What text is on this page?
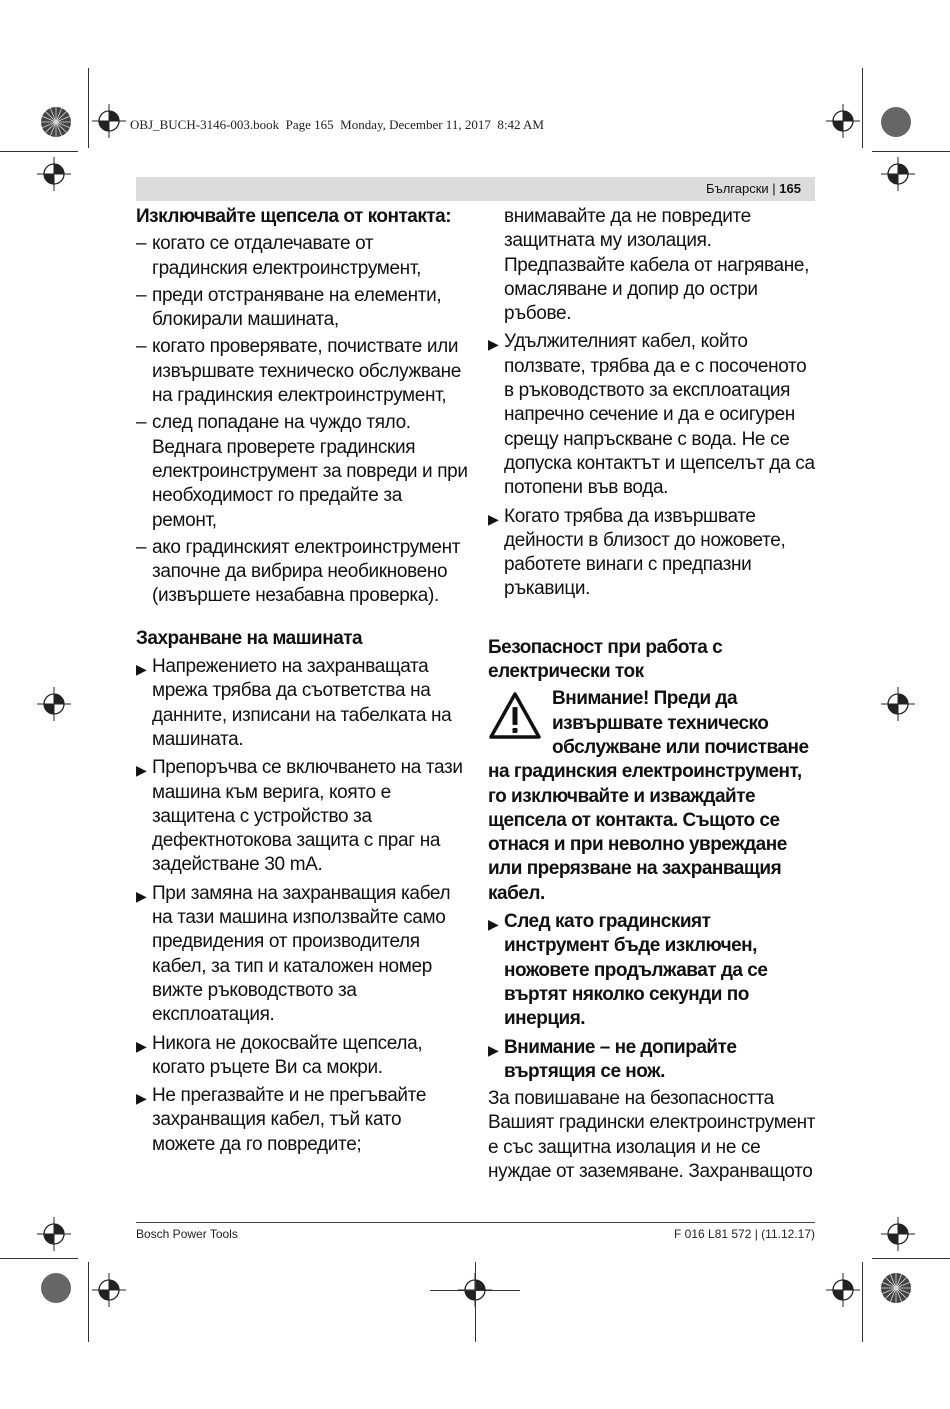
OBJ_BUCH-3146-003.book  Page 165  Monday, December 11, 2017  8:42 AM
Български | 165

Изключвайте щепсела от контакта:

– когато се отдалечавате от градинския електроинструмент,
– преди отстраняване на елементи, блокирали машината,
– когато проверявате, почиствате или извършвате техническо обслужване на градинския електроинструмент,
– след попадане на чуждо тяло. Веднага проверете градинския електроинструмент за повреди и при необходимост го предайте за ремонт,
– ако градинският електроинструмент започне да вибрира необикновено (извършете незабавна проверка).

Захранване на машината

▶ Напрежението на захранващата мрежа трябва да съответства на данните, изписани на табелката на машината.
▶ Препоръчва се включването на тази машина към верига, която е защитена с устройство за дефектнотокова защита с праг на задействане 30 mA.
▶ При замяна на захранващия кабел на тази машина използвайте само предвидения от производителя кабел, за тип и каталожен номер вижте ръководството за експлоатация.
▶ Никога не докосвайте щепсела, когато ръцете Ви са мокри.
▶ Не прегазвайте и не прегъвайте захранващия кабел, тъй като можете да го повредите;

внимавайте да не повредите защитната му изолация. Предпазвайте кабела от нагряване, омасляване и допир до остри ръбове.

▶ Удължителният кабел, който ползвате, трябва да е с посоченото в ръководството за експлоатация напречно сечение и да е осигурен срещу напръскване с вода. Не се допуска контактът и щепселът да са потопени във вода.
▶ Когато трябва да извършвате дейности в близост до ножовете, работете винаги с предпазни ръкавици.

Безопасност при работа с електрически ток

Внимание! Преди да
извършвате техническо
обслужване или почистване
на градинския електроинструмент, го изключвайте и изваждайте щепсела от контакта. Същото се отнася и при неволно увреждане или прерязване на захранващия кабел.
▶ След като градинският инструмент бъде изключен, ножовете продължават да се въртят няколко секунди по инерция.
▶ Внимание – не допирайте въртящия се нож.

За повишаване на безопасността Вашият градински електроинструмент е със защитна изолация и не се нуждае от заземяване. Захранващото

Bosch Power Tools	F 016 L81 572 | (11.12.17)
